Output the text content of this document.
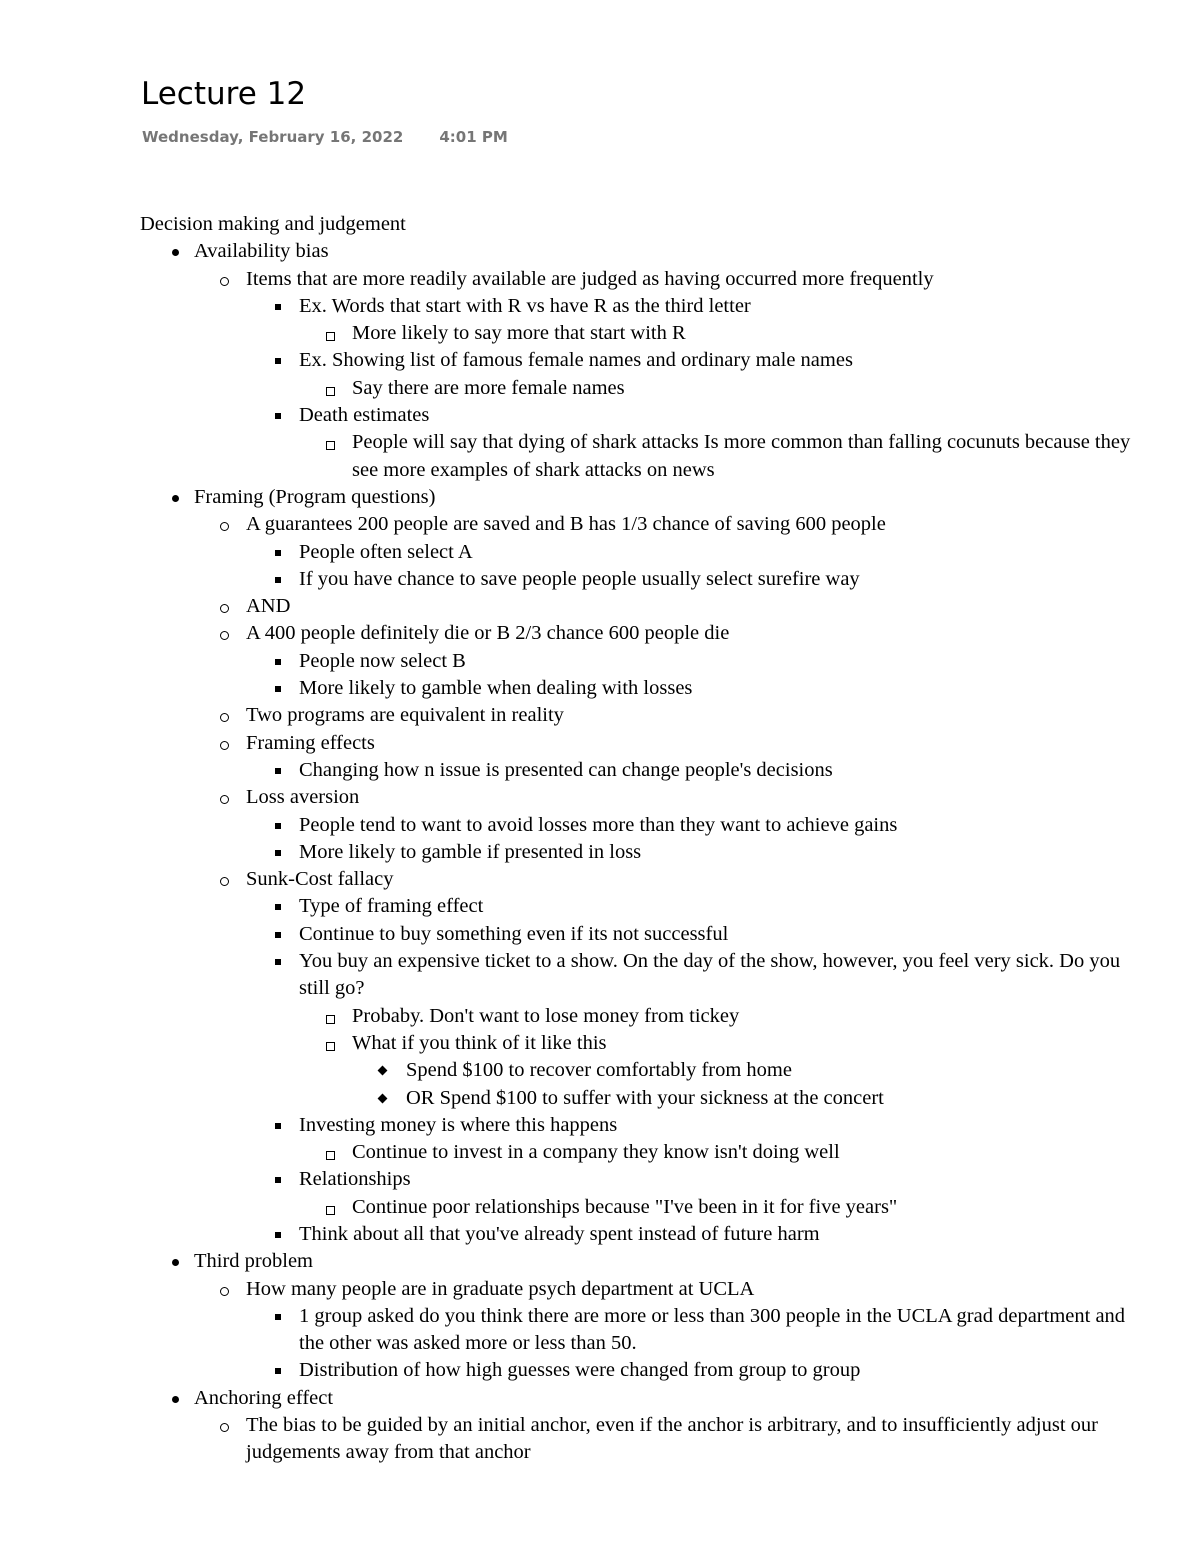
Lecture 12
Wednesday, February 16, 2022 4:01 PM
Decision making and judgement
Availability bias
Items that are more readily available are judged as having occurred more frequently
Ex. Words that start with R vs have R as the third letter
More likely to say more that start with R
Ex. Showing list of famous female names and ordinary male names
Say there are more female names
Death estimates
People will say that dying of shark attacks Is more common than falling cocunuts because they see more examples of shark attacks on news
Framing (Program questions)
A guarantees 200 people are saved and B has 1/3 chance of saving 600 people
People often select A
If you have chance to save people people usually select surefire way
AND
A 400 people definitely die or B 2/3 chance 600 people die
People now select B
More likely to gamble when dealing with losses
Two programs are equivalent in reality
Framing effects
Changing how n issue is presented can change people's decisions
Loss aversion
People tend to want to avoid losses more than they want to achieve gains
More likely to gamble if presented in loss
Sunk-Cost fallacy
Type of framing effect
Continue to buy something even if its not successful
You buy an expensive ticket to a show. On the day of the show, however, you feel very sick. Do you still go?
Probaby. Don't want to lose money from tickey
What if you think of it like this
Spend $100 to recover comfortably from home
OR Spend $100 to suffer with your sickness at the concert
Investing money is where this happens
Continue to invest in a company they know isn't doing well
Relationships
Continue poor relationships because "I've been in it for five years"
Think about all that you've already spent instead of future harm
Third problem
How many people are in graduate psych department at UCLA
1 group asked do you think there are more or less than 300 people in the UCLA grad department and the other was asked more or less than 50.
Distribution of how high guesses were changed from group to group
Anchoring effect
The bias to be guided by an initial anchor, even if the anchor is arbitrary, and to insufficiently adjust our judgements away from that anchor
